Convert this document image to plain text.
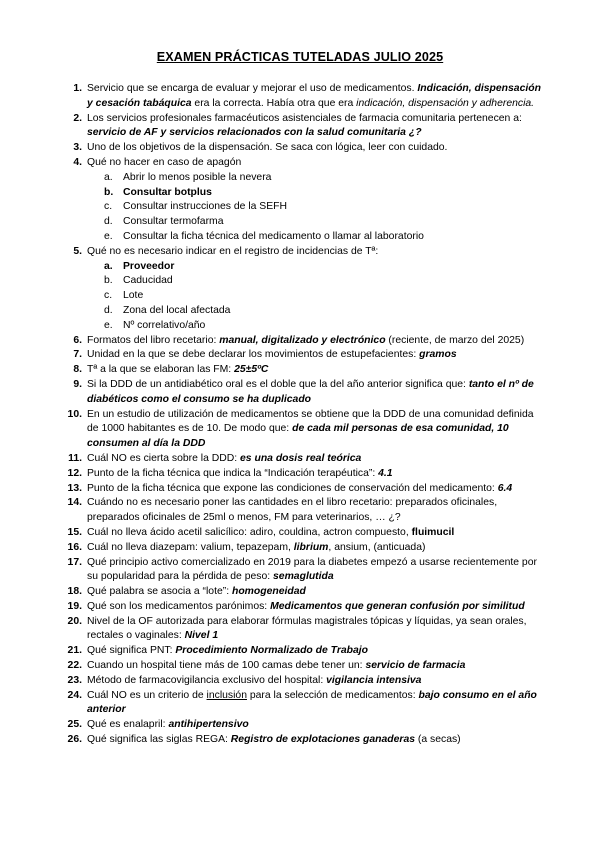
EXAMEN PRÁCTICAS TUTELADAS JULIO 2025
1. Servicio que se encarga de evaluar y mejorar el uso de medicamentos. Indicación, dispensación y cesación tabáquica era la correcta. Había otra que era indicación, dispensación y adherencia.
2. Los servicios profesionales farmacéuticos asistenciales de farmacia comunitaria pertenecen a: servicio de AF y servicios relacionados con la salud comunitaria ¿?
3. Uno de los objetivos de la dispensación. Se saca con lógica, leer con cuidado.
4. Qué no hacer en caso de apagón
a. Abrir lo menos posible la nevera
b. Consultar botplus
c. Consultar instrucciones de la SEFH
d. Consultar termofarma
e. Consultar la ficha técnica del medicamento o llamar al laboratorio
5. Qué no es necesario indicar en el registro de incidencias de Tª:
a. Proveedor
b. Caducidad
c. Lote
d. Zona del local afectada
e. Nº correlativo/año
6. Formatos del libro recetario: manual, digitalizado y electrónico (reciente, de marzo del 2025)
7. Unidad en la que se debe declarar los movimientos de estupefacientes: gramos
8. Tª a la que se elaboran las FM: 25±5ºC
9. Si la DDD de un antidiabético oral es el doble que la del año anterior significa que: tanto el nº de diabéticos como el consumo se ha duplicado
10. En un estudio de utilización de medicamentos se obtiene que la DDD de una comunidad definida de 1000 habitantes es de 10. De modo que: de cada mil personas de esa comunidad, 10 consumen al día la DDD
11. Cuál NO es cierta sobre la DDD: es una dosis real teórica
12. Punto de la ficha técnica que indica la “Indicación terapéutica”: 4.1
13. Punto de la ficha técnica que expone las condiciones de conservación del medicamento: 6.4
14. Cuándo no es necesario poner las cantidades en el libro recetario: preparados oficinales, preparados oficinales de 25ml o menos, FM para veterinarios, … ¿?
15. Cuál no lleva ácido acetil salicílico: adiro, couldina, actron compuesto, fluimucil
16. Cuál no lleva diazepam: valium, tepazepam, librium, ansium, (anticuada)
17. Qué principio activo comercializado en 2019 para la diabetes empezó a usarse recientemente por su popularidad para la pérdida de peso: semaglutida
18. Qué palabra se asocia a “lote”: homogeneidad
19. Qué son los medicamentos parónimos: Medicamentos que generan confusión por similitud
20. Nivel de la OF autorizada para elaborar fórmulas magistrales tópicas y líquidas, ya sean orales, rectales o vaginales: Nivel 1
21. Qué significa PNT: Procedimiento Normalizado de Trabajo
22. Cuando un hospital tiene más de 100 camas debe tener un: servicio de farmacia
23. Método de farmacovigilancia exclusivo del hospital: vigilancia intensiva
24. Cuál NO es un criterio de inclusión para la selección de medicamentos: bajo consumo en el año anterior
25. Qué es enalapril: antihipertensivo
26. Qué significa las siglas REGA: Registro de explotaciones ganaderas (a secas)
